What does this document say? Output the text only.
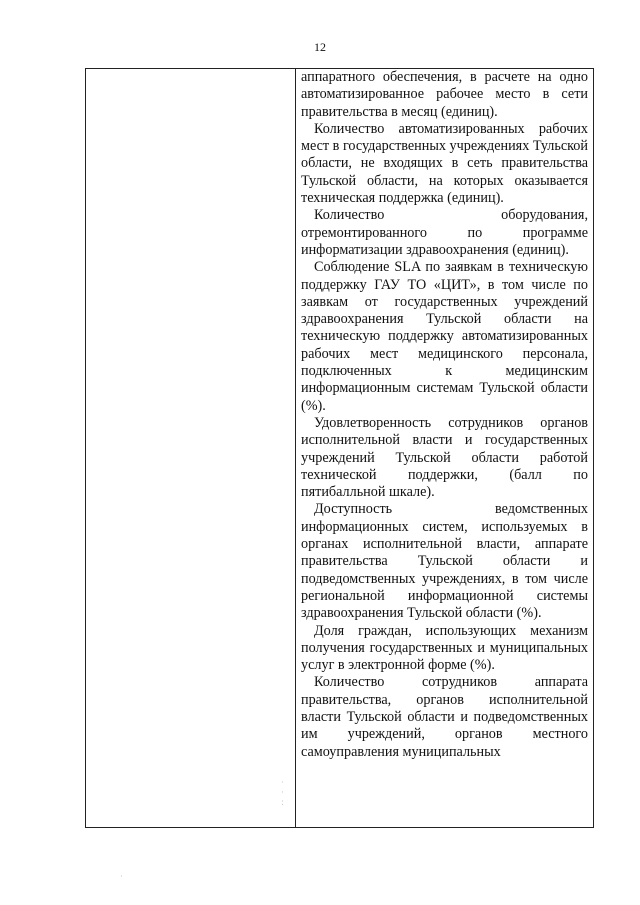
12

аппаратного обеспечения, в расчете на одно автоматизированное рабочее место в сети правительства в месяц (единиц).

Количество автоматизированных рабочих мест в государственных учреждениях Тульской области, не входящих в сеть правительства Тульской области, на которых оказывается техническая поддержка (единиц).

Количество оборудования, отремонтированного по программе информатизации здравоохранения (единиц).

Соблюдение SLA по заявкам в техническую поддержку ГАУ ТО «ЦИТ», в том числе по заявкам от государственных учреждений здравоохранения Тульской области на техническую поддержку автоматизированных рабочих мест медицинского персонала, подключенных к медицинским информационным системам Тульской области (%).

Удовлетворенность сотрудников органов исполнительной власти и государственных учреждений Тульской области работой технической поддержки, (балл по пятибалльной шкале).

Доступность ведомственных информационных систем, используемых в органах исполнительной власти, аппарате правительства Тульской области и подведомственных учреждениях, в том числе региональной информационной системы здравоохранения Тульской области (%).

Доля граждан, использующих механизм получения государственных и муниципальных услуг в электронной форме (%).

Количество сотрудников аппарата правительства, органов исполнительной власти Тульской области и подведомственных им учреждений, органов местного самоуправления муниципальных

·
·
:
·
